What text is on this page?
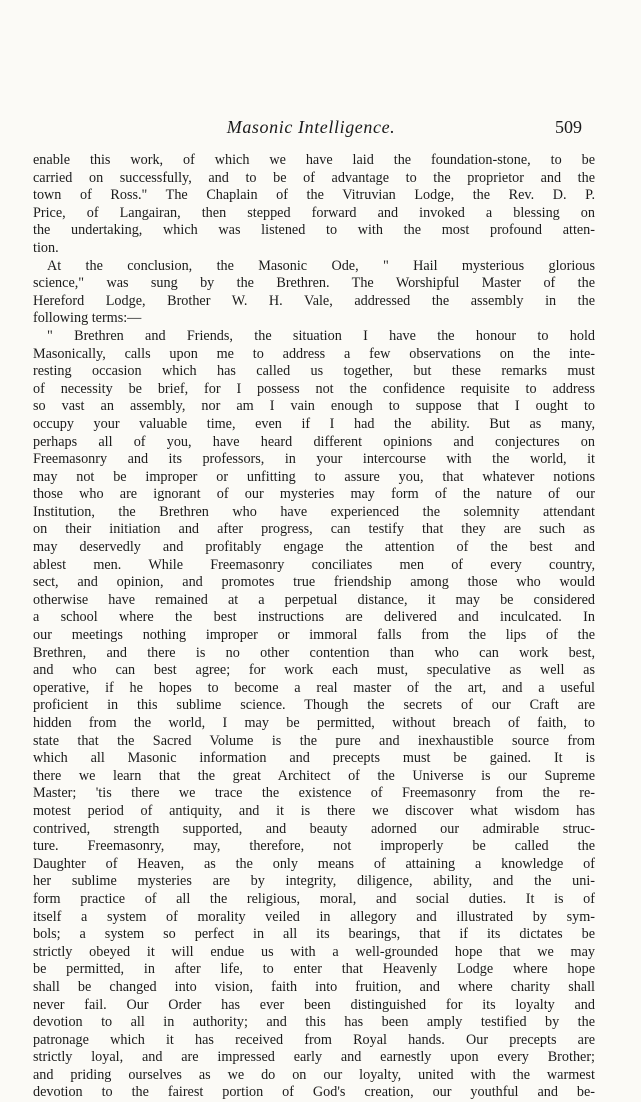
Masonic Intelligence.	509
enable this work, of which we have laid the foundation-stone, to be
carried on successfully, and to be of advantage to the proprietor and the
town of Ross." The Chaplain of the Vitruvian Lodge, the Rev. D. P.
Price, of Langairan, then stepped forward and invoked a blessing on
the undertaking, which was listened to with the most profound atten-
tion.
At the conclusion, the Masonic Ode, " Hail mysterious glorious
science," was sung by the Brethren. The Worshipful Master of the
Hereford Lodge, Brother W. H. Vale, addressed the assembly in the
following terms:—
" Brethren and Friends, the situation I have the honour to hold
Masonically, calls upon me to address a few observations on the inte-
resting occasion which has called us together, but these remarks must
of necessity be brief, for I possess not the confidence requisite to address
so vast an assembly, nor am I vain enough to suppose that I ought to
occupy your valuable time, even if I had the ability. But as many,
perhaps all of you, have heard different opinions and conjectures on
Freemasonry and its professors, in your intercourse with the world, it
may not be improper or unfitting to assure you, that whatever notions
those who are ignorant of our mysteries may form of the nature of our
Institution, the Brethren who have experienced the solemnity attendant
on their initiation and after progress, can testify that they are such as
may deservedly and profitably engage the attention of the best and
ablest men. While Freemasonry conciliates men of every country,
sect, and opinion, and promotes true friendship among those who would
otherwise have remained at a perpetual distance, it may be considered
a school where the best instructions are delivered and inculcated. In
our meetings nothing improper or immoral falls from the lips of the
Brethren, and there is no other contention than who can work best,
and who can best agree; for work each must, speculative as well as
operative, if he hopes to become a real master of the art, and a useful
proficient in this sublime science. Though the secrets of our Craft are
hidden from the world, I may be permitted, without breach of faith, to
state that the Sacred Volume is the pure and inexhaustible source from
which all Masonic information and precepts must be gained. It is
there we learn that the great Architect of the Universe is our Supreme
Master; 'tis there we trace the existence of Freemasonry from the re-
motest period of antiquity, and it is there we discover what wisdom has
contrived, strength supported, and beauty adorned our admirable struc-
ture. Freemasonry, may, therefore, not improperly be called the
Daughter of Heaven, as the only means of attaining a knowledge of
her sublime mysteries are by integrity, diligence, ability, and the uni-
form practice of all the religious, moral, and social duties. It is of
itself a system of morality veiled in allegory and illustrated by sym-
bols; a system so perfect in all its bearings, that if its dictates be
strictly obeyed it will endue us with a well-grounded hope that we may
be permitted, in after life, to enter that Heavenly Lodge where hope
shall be changed into vision, faith into fruition, and where charity shall
never fail. Our Order has ever been distinguished for its loyalty and
devotion to all in authority; and this has been amply testified by the
patronage which it has received from Royal hands. Our precepts are
strictly loyal, and are impressed early and earnestly upon every Brother;
and priding ourselves as we do on our loyalty, united with the warmest
devotion to the fairest portion of God's creation, our youthful and be-
